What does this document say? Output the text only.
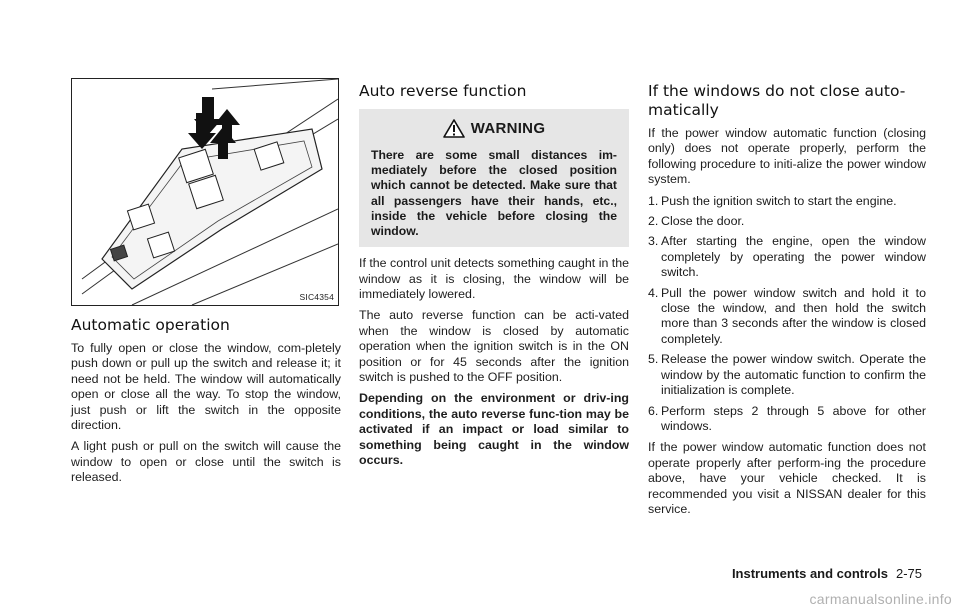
SIC4354
Automatic operation

To fully open or close the window, com-pletely push down or pull up the switch and release it; it need not be held. The window will automatically open or close all the way. To stop the window, just push or lift the switch in the opposite direction.

A light push or pull on the switch will cause the window to open or close until the switch is released.

Auto reverse function
WARNING
There are some small distances im-mediately before the closed position which cannot be detected. Make sure that all passengers have their hands, etc., inside the vehicle before closing the window.

If the control unit detects something caught in the window as it is closing, the window will be immediately lowered.

The auto reverse function can be acti-vated when the window is closed by automatic operation when the ignition switch is in the ON position or for 45 seconds after the ignition switch is pushed to the OFF position.

Depending on the environment or driv-ing conditions, the auto reverse func-tion may be activated if an impact or load similar to something being caught in the window occurs.

If the windows do not close auto-matically

If the power window automatic function (closing only) does not operate properly, perform the following procedure to initi-alize the power window system.

1. Push the ignition switch to start the engine.
2. Close the door.
3. After starting the engine, open the window completely by operating the power window switch.
4. Pull the power window switch and hold it to close the window, and then hold the switch more than 3 seconds after the window is closed completely.
5. Release the power window switch. Operate the window by the automatic function to confirm the initialization is complete.
6. Perform steps 2 through 5 above for other windows.

If the power window automatic function does not operate properly after perform-ing the procedure above, have your vehicle checked. It is recommended you visit a NISSAN dealer for this service.

Instruments and controls 2-75
carmanualsonline.info
